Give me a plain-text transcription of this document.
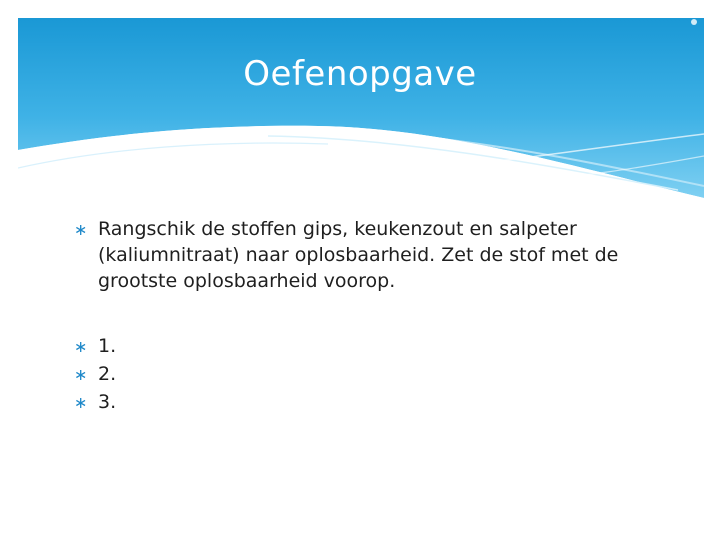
Oefenopgave
∗ Rangschik de stoffen gips, keukenzout en salpeter (kaliumnitraat) naar oplosbaarheid. Zet de stof met de grootste oplosbaarheid voorop.
∗ 1.
∗ 2.
∗ 3.
